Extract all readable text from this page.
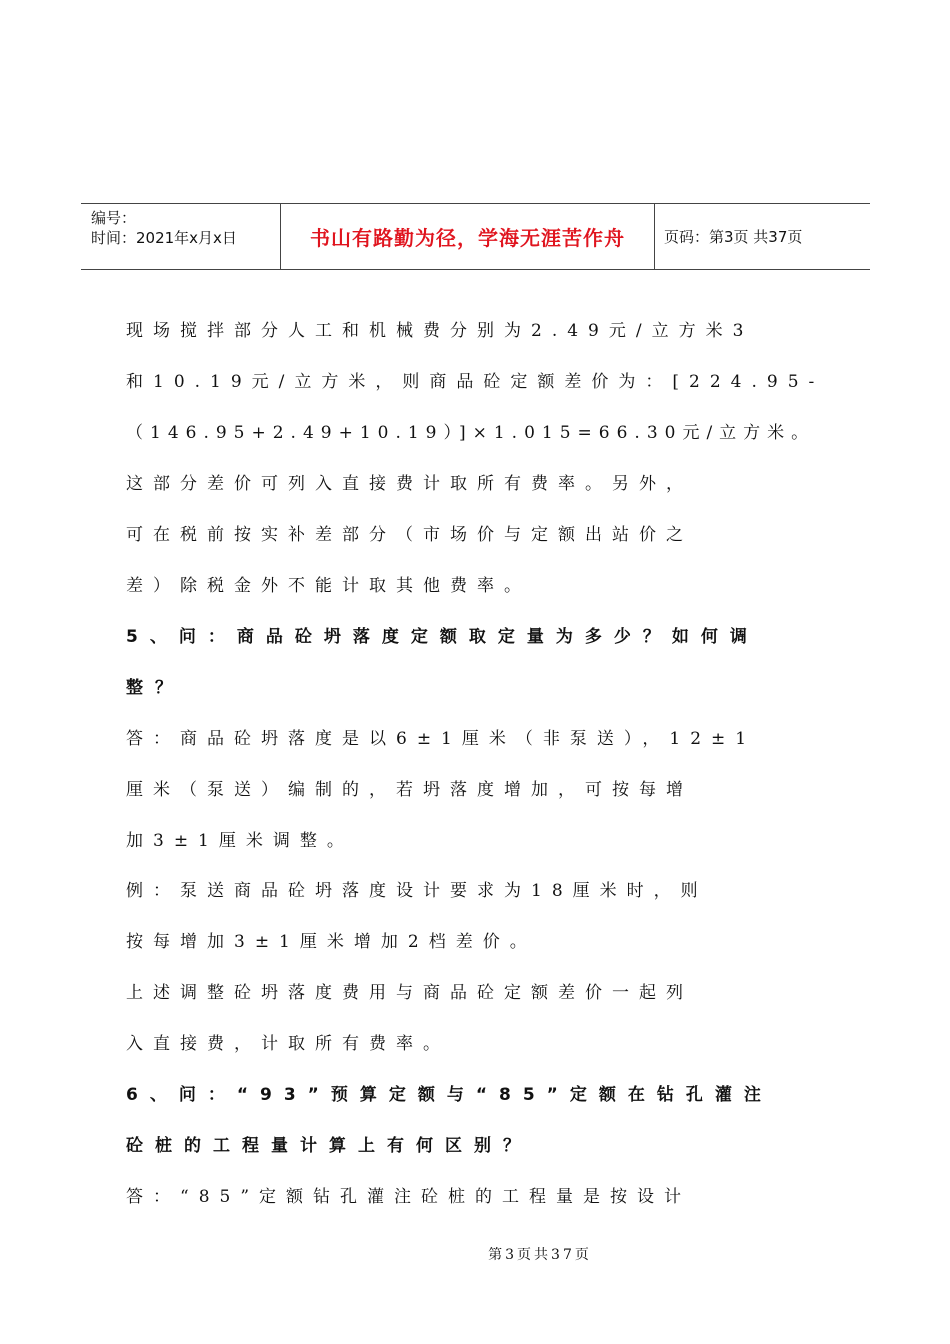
编号：
时间：2021年x月x日	书山有路勤为径，学海无涯苦作舟	页码：第3页 共37页
现场搅拌部分人工和机械费分别为2.49元/立方米3
和10.19元/立方米，则商品砼定额差价为：[224.95-
（146.95+2.49+10.19）]×1.015=66.30元/立方米。
这部分差价可列入直接费计取所有费率。另外，
可在税前按实补差部分（市场价与定额出站价之
差）除税金外不能计取其他费率。
5、问：商品砼坍落度定额取定量为多少？如何调
整？
答：商品砼坍落度是以6±1厘米（非泵送），12±1
厘米（泵送）编制的，若坍落度增加，可按每增
加3±1厘米调整。
例：泵送商品砼坍落度设计要求为18厘米时，则
按每增加3±1厘米增加2档差价。
上述调整砼坍落度费用与商品砼定额差价一起列
入直接费，计取所有费率。
6、问：“93”预算定额与“85”定额在钻孔灌注
砼桩的工程量计算上有何区别？
答：“85”定额钻孔灌注砼桩的工程量是按设计
第3页共37页
